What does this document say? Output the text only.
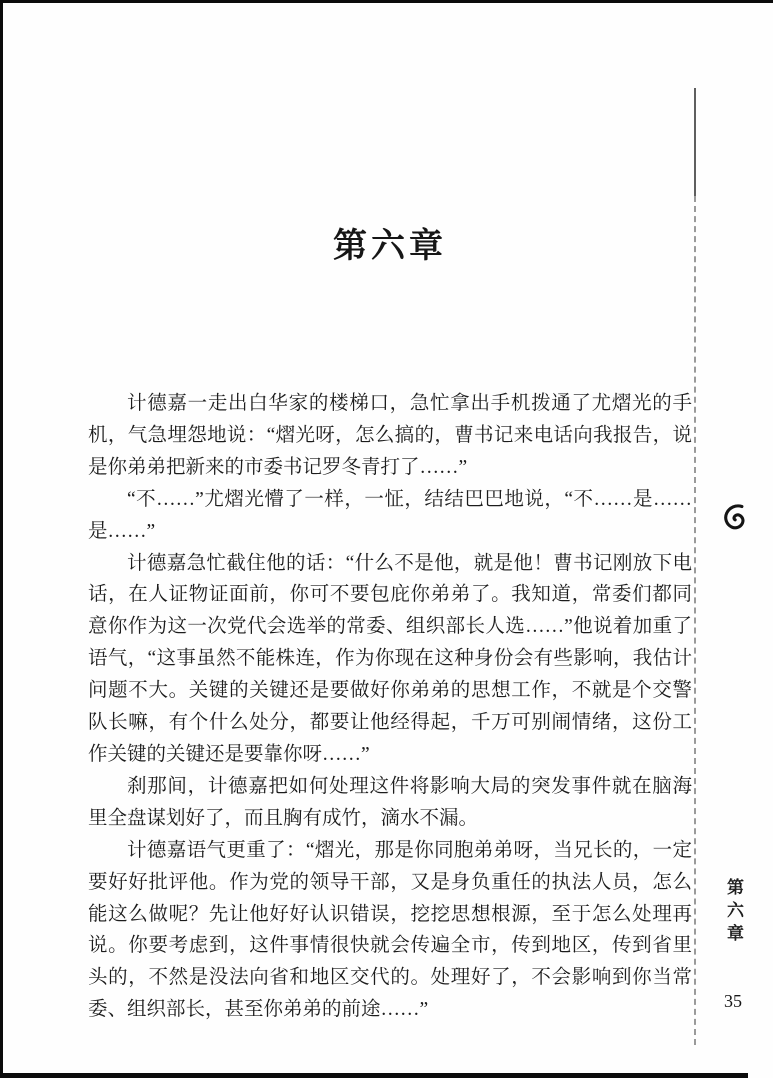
第六章

计德嘉一走出白华家的楼梯口，急忙拿出手机拨通了尤熠光的手机，气急埋怨地说：“熠光呀，怎么搞的，曹书记来电话向我报告，说是你弟弟把新来的市委书记罗冬青打了……”

“不……”尤熠光懵了一样，一怔，结结巴巴地说，“不……是……是……”

计德嘉急忙截住他的话：“什么不是他，就是他！曹书记刚放下电话，在人证物证面前，你可不要包庇你弟弟了。我知道，常委们都同意你作为这一次党代会选举的常委、组织部长人选……”他说着加重了语气，“这事虽然不能株连，作为你现在这种身份会有些影响，我估计问题不大。关键的关键还是要做好你弟弟的思想工作，不就是个交警队长嘛，有个什么处分，都要让他经得起，千万可别闹情绪，这份工作关键的关键还是要靠你呀……”

刹那间，计德嘉把如何处理这件将影响大局的突发事件就在脑海里全盘谋划好了，而且胸有成竹，滴水不漏。

计德嘉语气更重了：“熠光，那是你同胞弟弟呀，当兄长的，一定要好好批评他。作为党的领导干部，又是身负重任的执法人员，怎么能这么做呢？先让他好好认识错误，挖挖思想根源，至于怎么处理再说。你要考虑到，这件事情很快就会传遍全市，传到地区，传到省里头的，不然是没法向省和地区交代的。处理好了，不会影响到你当常委、组织部长，甚至你弟弟的前途……”

第六章
35
